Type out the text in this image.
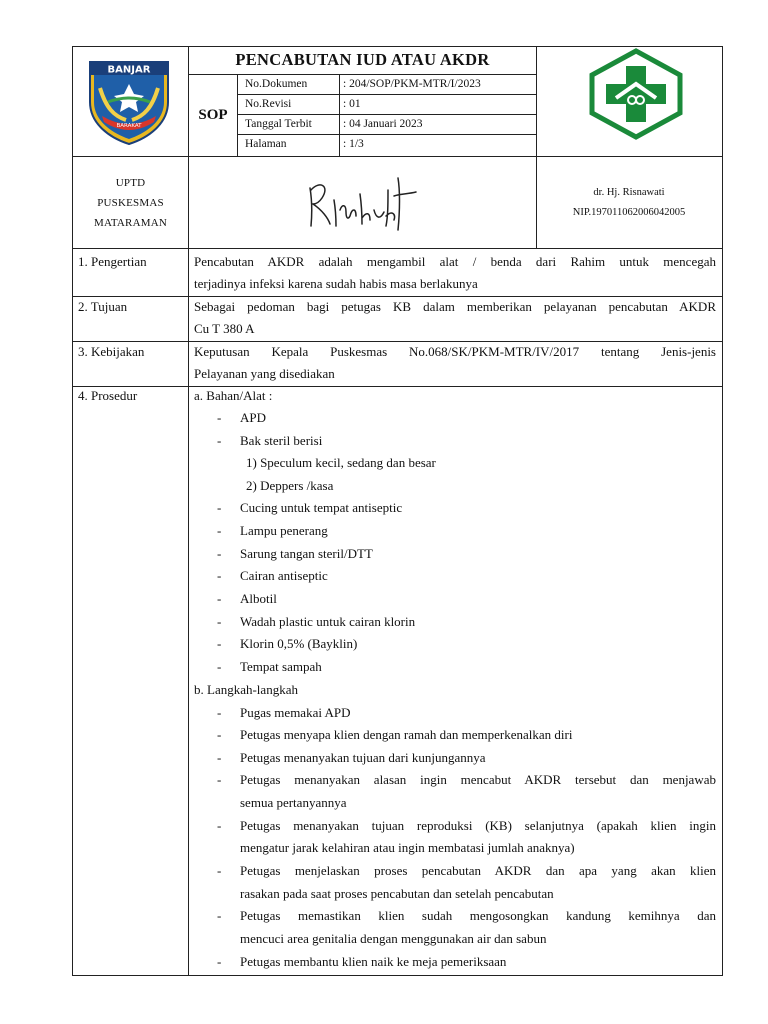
PENCABUTAN IUD ATAU AKDR
SOP
No.Dokumen	: 204/SOP/PKM-MTR/I/2023
No.Revisi	: 01
Tanggal Terbit	: 04 Januari 2023
Halaman	: 1/3
BANJAR
BARAKAT
UPTD
PUSKESMAS
MATARAMAN
dr. Hj. Risnawati
NIP.197011062006042005
1. Pengertian	Pencabutan AKDR adalah mengambil alat / benda dari Rahim untuk mencegah
terjadinya infeksi karena sudah habis masa berlakunya
2. Tujuan	Sebagai pedoman bagi petugas KB dalam memberikan pelayanan pencabutan AKDR
Cu T 380 A
3. Kebijakan	Keputusan Kepala Puskesmas No.068/SK/PKM-MTR/IV/2017 tentang Jenis-jenis
Pelayanan yang disediakan
4. Prosedur	a. Bahan/Alat :
- APD
- Bak steril berisi
1) Speculum kecil, sedang dan besar
2) Deppers /kasa
- Cucing untuk tempat antiseptic
- Lampu penerang
- Sarung tangan steril/DTT
- Cairan antiseptic
- Albotil
- Wadah plastic untuk cairan klorin
- Klorin 0,5% (Bayklin)
- Tempat sampah
b. Langkah-langkah
- Pugas memakai APD
- Petugas menyapa klien dengan ramah dan memperkenalkan diri
- Petugas menanyakan tujuan dari kunjungannya
- Petugas menanyakan alasan ingin mencabut AKDR tersebut dan menjawab
semua pertanyannya
- Petugas menanyakan tujuan reproduksi (KB) selanjutnya (apakah klien ingin
mengatur jarak kelahiran atau ingin membatasi jumlah anaknya)
- Petugas menjelaskan proses pencabutan AKDR dan apa yang akan klien
rasakan pada saat proses pencabutan dan setelah pencabutan
- Petugas memastikan klien sudah mengosongkan kandung kemihnya dan
mencuci area genitalia dengan menggunakan air dan sabun
- Petugas membantu klien naik ke meja pemeriksaan
